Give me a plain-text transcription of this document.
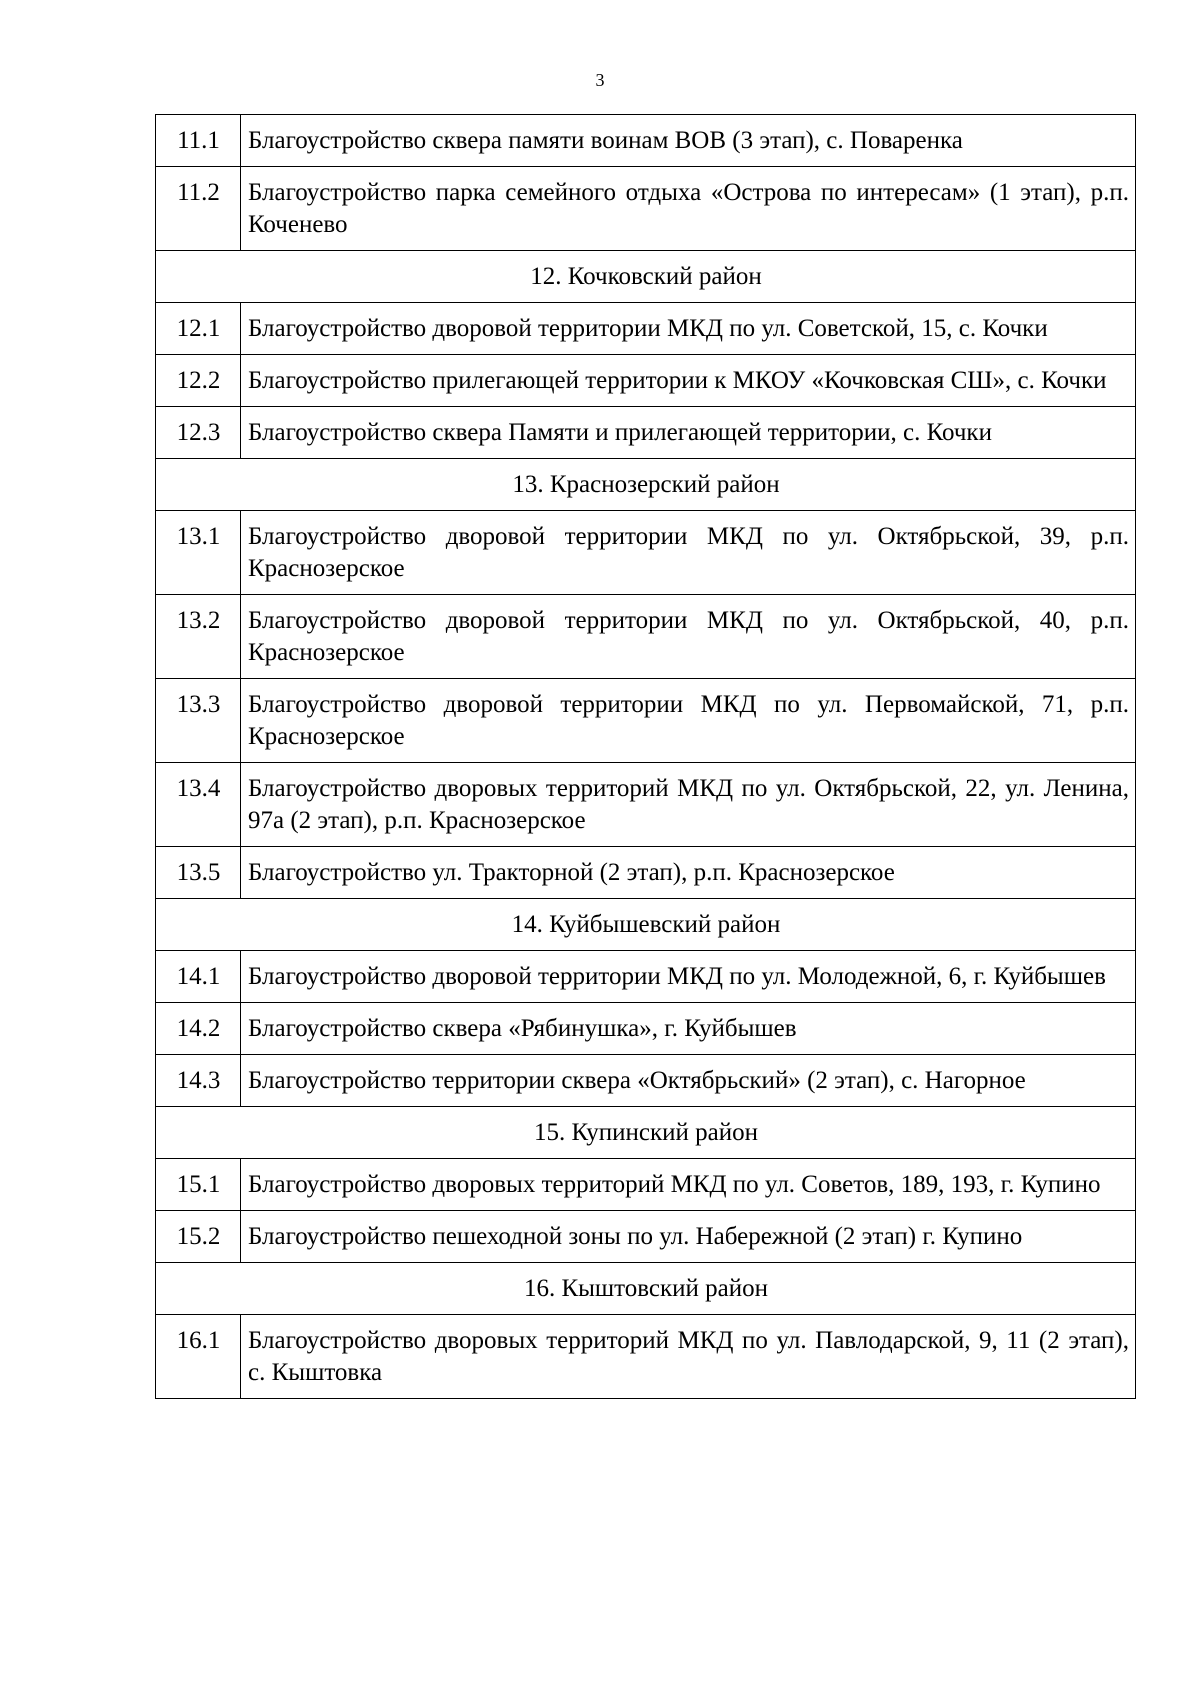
3
11.1	Благоустройство сквера памяти воинам ВОВ (3 этап), с. Поваренка
11.2	Благоустройство парка семейного отдыха «Острова по интересам» (1 этап), р.п. Коченево
12. Кочковский район	
12.1	Благоустройство дворовой территории МКД по ул. Советской, 15, с. Кочки
12.2	Благоустройство прилегающей территории к МКОУ «Кочковская СШ», с. Кочки
12.3	Благоустройство сквера Памяти и прилегающей территории, с. Кочки
13. Краснозерский район	
13.1	Благоустройство дворовой территории МКД по ул. Октябрьской, 39, р.п. Краснозерское
13.2	Благоустройство дворовой территории МКД по ул. Октябрьской, 40, р.п. Краснозерское
13.3	Благоустройство дворовой территории МКД по ул. Первомайской, 71, р.п. Краснозерское
13.4	Благоустройство дворовых территорий МКД по ул. Октябрьской, 22, ул. Ленина, 97а (2 этап), р.п. Краснозерское
13.5	Благоустройство ул. Тракторной (2 этап), р.п. Краснозерское
14. Куйбышевский район	
14.1	Благоустройство дворовой территории МКД по ул. Молодежной, 6, г. Куйбышев
14.2	Благоустройство сквера «Рябинушка», г. Куйбышев
14.3	Благоустройство территории сквера «Октябрьский» (2 этап), с. Нагорное
15. Купинский район	
15.1	Благоустройство дворовых территорий МКД по ул. Советов, 189, 193, г. Купино
15.2	Благоустройство пешеходной зоны по ул. Набережной (2 этап) г. Купино
16. Кыштовский район	
16.1	Благоустройство дворовых территорий МКД по ул. Павлодарской, 9, 11 (2 этап), с. Кыштовка
